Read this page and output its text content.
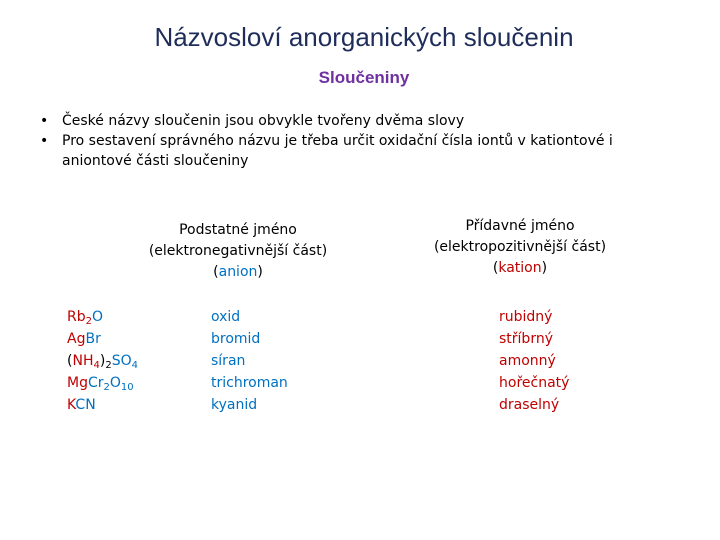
Názvosloví anorganických sloučenin
Sloučeniny
• České názvy sloučenin jsou obvykle tvořeny dvěma slovy
• Pro sestavení správného názvu je třeba určit oxidační čísla iontů v kationtové i aniontové části sloučeniny
Podstatné jméno
(elektronegativnější část)
(anion)
Přídavné jméno
(elektropozitivnější část)
(kation)
$Rb_2O$
AgBr
$(NH_4)_2SO_4$
$MgCr_2O_{10}$
KCN
oxid
bromid
síran
trichroman
kyanid
rubidný
stříbrný
amonný
hořečnatý
draselný
